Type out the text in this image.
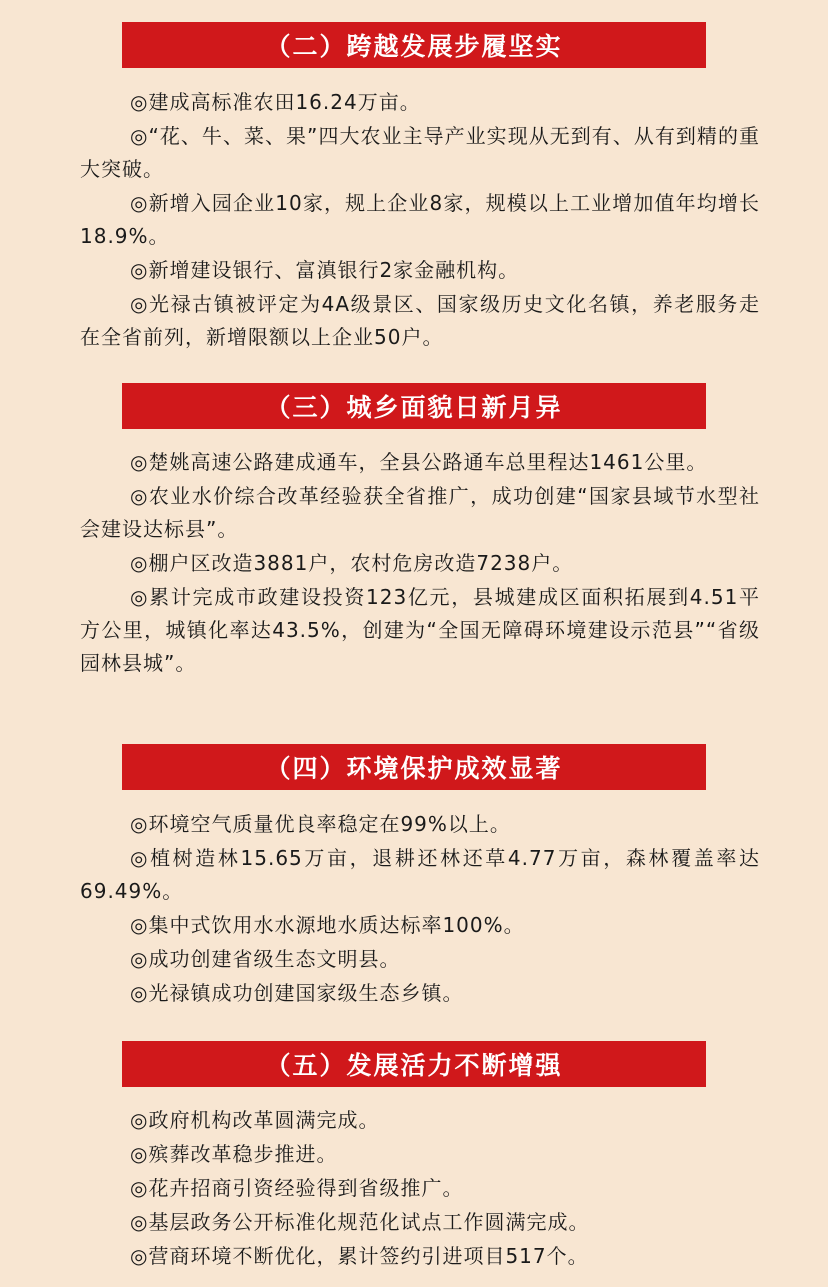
（二）跨越发展步履坚实

◎建成高标准农田16.24万亩。

◎“花、牛、菜、果”四大农业主导产业实现从无到有、从有到精的重大突破。

◎新增入园企业10家，规上企业8家，规模以上工业增加值年均增长18.9%。

◎新增建设银行、富滇银行2家金融机构。

◎光禄古镇被评定为4A级景区、国家级历史文化名镇，养老服务走在全省前列，新增限额以上企业50户。

（三）城乡面貌日新月异

◎楚姚高速公路建成通车，全县公路通车总里程达1461公里。

◎农业水价综合改革经验获全省推广，成功创建“国家县域节水型社会建设达标县”。

◎棚户区改造3881户，农村危房改造7238户。

◎累计完成市政建设投资123亿元，县城建成区面积拓展到4.51平方公里，城镇化率达43.5%，创建为“全国无障碍环境建设示范县”“省级园林县城”。

（四）环境保护成效显著

◎环境空气质量优良率稳定在99%以上。

◎植树造林15.65万亩，退耕还林还草4.77万亩，森林覆盖率达69.49%。

◎集中式饮用水水源地水质达标率100%。

◎成功创建省级生态文明县。

◎光禄镇成功创建国家级生态乡镇。

（五）发展活力不断增强

◎政府机构改革圆满完成。

◎殡葬改革稳步推进。

◎花卉招商引资经验得到省级推广。

◎基层政务公开标准化规范化试点工作圆满完成。

◎营商环境不断优化，累计签约引进项目517个。
